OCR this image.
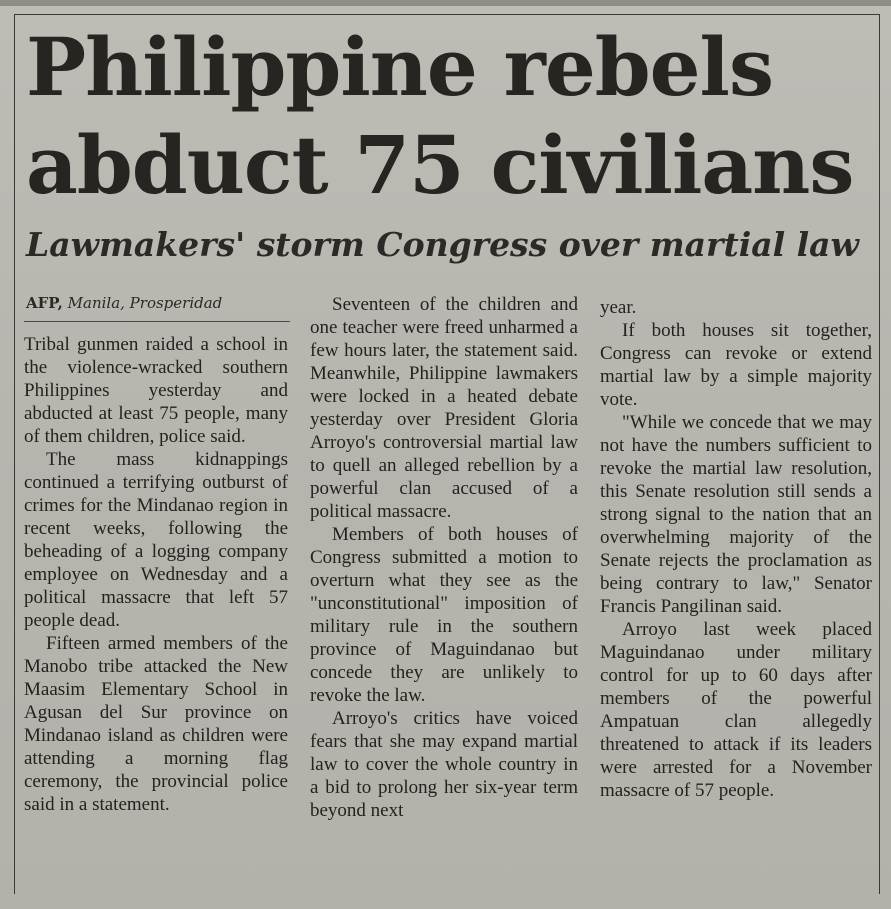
Philippine rebels
abduct 75 civilians
Lawmakers' storm Congress over martial law
AFP, Manila, Prosperidad

Tribal gunmen raided a school in the violence-wracked southern Philippines yesterday and abducted at least 75 people, many of them children, police said.

The mass kidnappings continued a terrifying outburst of crimes for the Mindanao region in recent weeks, following the beheading of a logging company employee on Wednesday and a political massacre that left 57 people dead.

Fifteen armed members of the Manobo tribe attacked the New Maasim Elementary School in Agusan del Sur province on Mindanao island as children were attending a morning flag ceremony, the provincial police said in a statement.

Seventeen of the children and one teacher were freed unharmed a few hours later, the statement said. Meanwhile, Philippine lawmakers were locked in a heated debate yesterday over President Gloria Arroyo's controversial martial law to quell an alleged rebellion by a powerful clan accused of a political massacre.

Members of both houses of Congress submitted a motion to overturn what they see as the "unconstitutional" imposition of military rule in the southern province of Maguindanao but concede they are unlikely to revoke the law.

Arroyo's critics have voiced fears that she may expand martial law to cover the whole country in a bid to prolong her six-year term beyond next

year.

If both houses sit together, Congress can revoke or extend martial law by a simple majority vote.

"While we concede that we may not have the numbers sufficient to revoke the martial law resolution, this Senate resolution still sends a strong signal to the nation that an overwhelming majority of the Senate rejects the proclamation as being contrary to law," Senator Francis Pangilinan said.

Arroyo last week placed Maguindanao under military control for up to 60 days after members of the powerful Ampatuan clan allegedly threatened to attack if its leaders were arrested for a November massacre of 57 people.
